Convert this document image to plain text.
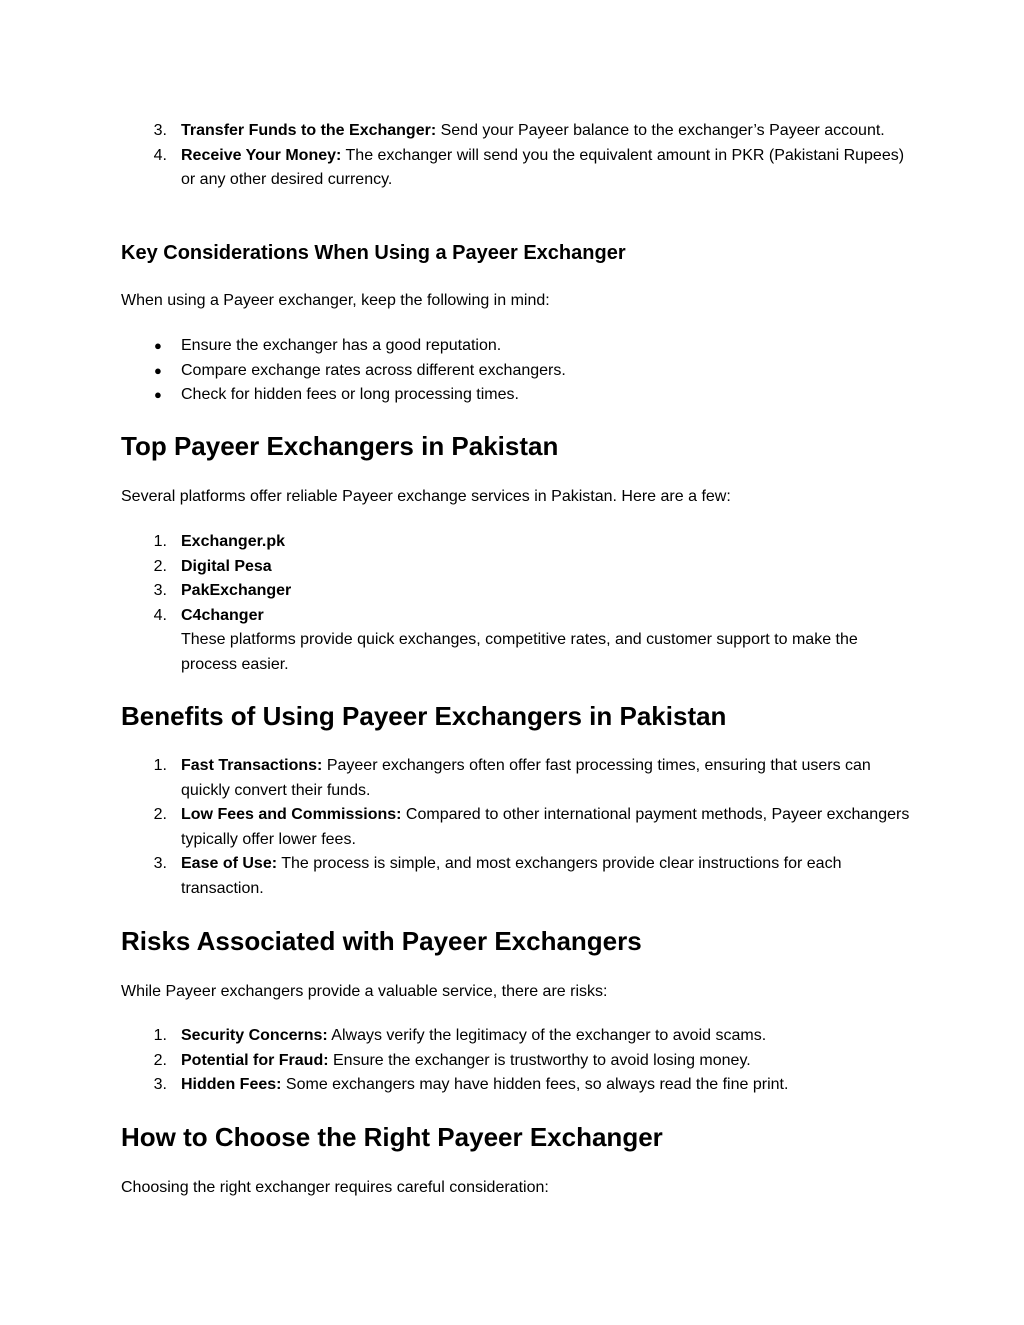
3. Transfer Funds to the Exchanger: Send your Payeer balance to the exchanger’s Payeer account.
4. Receive Your Money: The exchanger will send you the equivalent amount in PKR (Pakistani Rupees) or any other desired currency.
Key Considerations When Using a Payeer Exchanger

When using a Payeer exchanger, keep the following in mind:

● Ensure the exchanger has a good reputation.
● Compare exchange rates across different exchangers.
● Check for hidden fees or long processing times.
Top Payeer Exchangers in Pakistan

Several platforms offer reliable Payeer exchange services in Pakistan. Here are a few:

1. Exchanger.pk
2. Digital Pesa
3. PakExchanger
4. C4changer
These platforms provide quick exchanges, competitive rates, and customer support to make the process easier.
Benefits of Using Payeer Exchangers in Pakistan
1. Fast Transactions: Payeer exchangers often offer fast processing times, ensuring that users can quickly convert their funds.
2. Low Fees and Commissions: Compared to other international payment methods, Payeer exchangers typically offer lower fees.
3. Ease of Use: The process is simple, and most exchangers provide clear instructions for each transaction.
Risks Associated with Payeer Exchangers

While Payeer exchangers provide a valuable service, there are risks:

1. Security Concerns: Always verify the legitimacy of the exchanger to avoid scams.
2. Potential for Fraud: Ensure the exchanger is trustworthy to avoid losing money.
3. Hidden Fees: Some exchangers may have hidden fees, so always read the fine print.
How to Choose the Right Payeer Exchanger

Choosing the right exchanger requires careful consideration:
